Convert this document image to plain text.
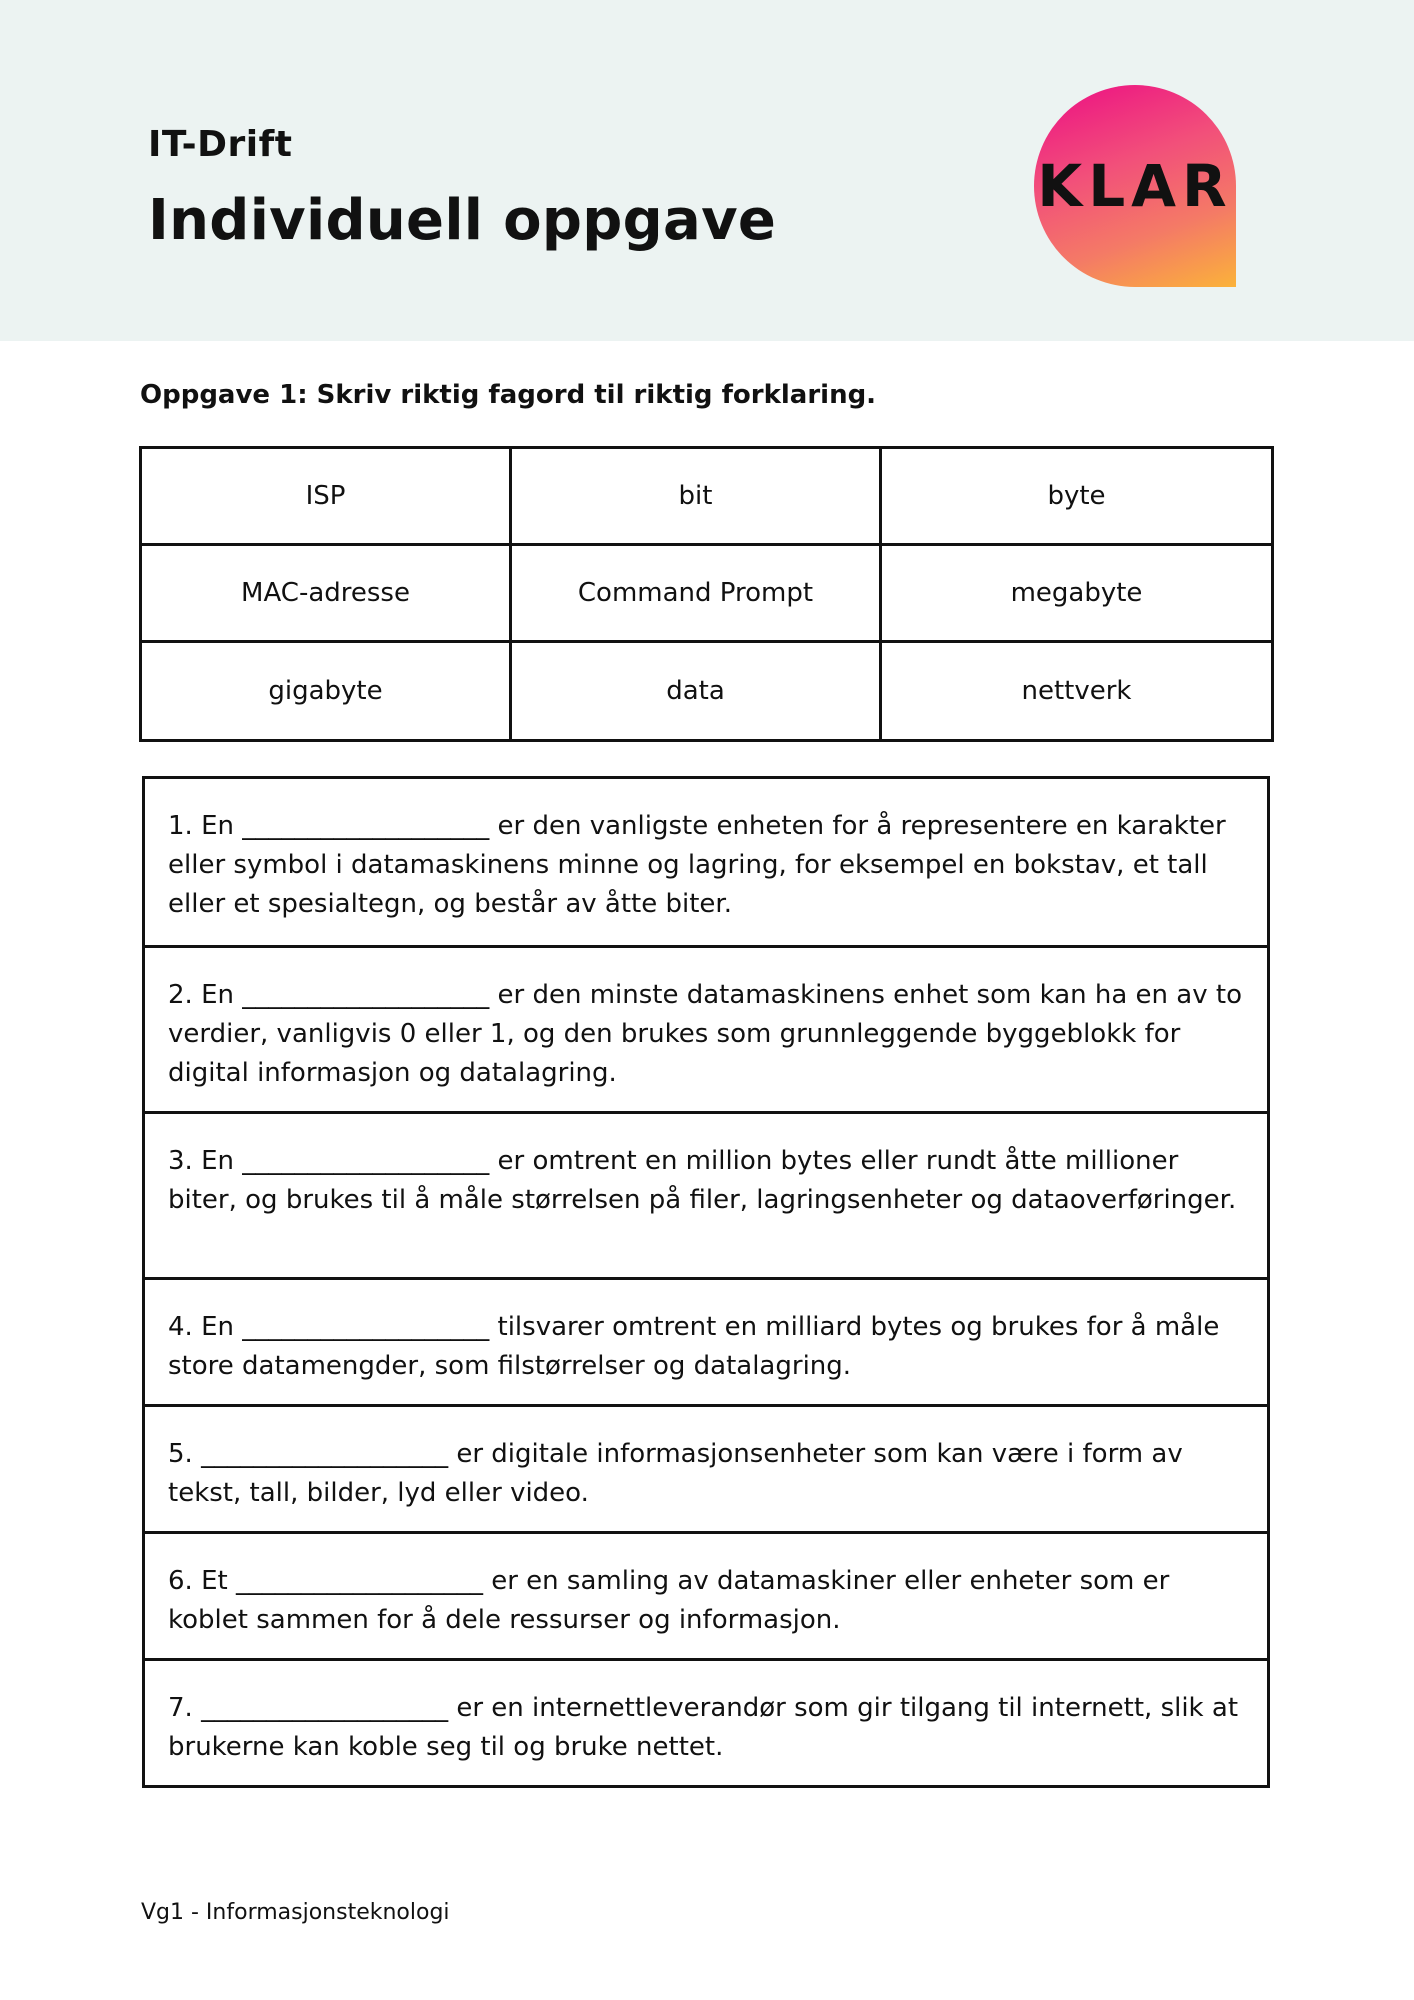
IT-Drift
Individuell oppgave
KLAR
Oppgave 1: Skriv riktig fagord til riktig forklaring.
ISP	bit	byte
MAC-adresse	Command Prompt	megabyte
gigabyte	data	nettverk
1. En ___________________ er den vanligste enheten for å representere en karakter eller symbol i datamaskinens minne og lagring, for eksempel en bokstav, et tall eller et spesialtegn, og består av åtte biter.
2. En ___________________ er den minste datamaskinens enhet som kan ha en av to verdier, vanligvis 0 eller 1, og den brukes som grunnleggende byggeblokk for digital informasjon og datalagring.
3. En ___________________ er omtrent en million bytes eller rundt åtte millioner biter, og brukes til å måle størrelsen på filer, lagringsenheter og dataoverføringer.
4. En ___________________ tilsvarer omtrent en milliard bytes og brukes for å måle store datamengder, som filstørrelser og datalagring.
5. ___________________ er digitale informasjonsenheter som kan være i form av tekst, tall, bilder, lyd eller video.
6. Et ___________________ er en samling av datamaskiner eller enheter som er koblet sammen for å dele ressurser og informasjon.
7. ___________________ er en internettleverandør som gir tilgang til internett, slik at brukerne kan koble seg til og bruke nettet.
Vg1 - Informasjonsteknologi
